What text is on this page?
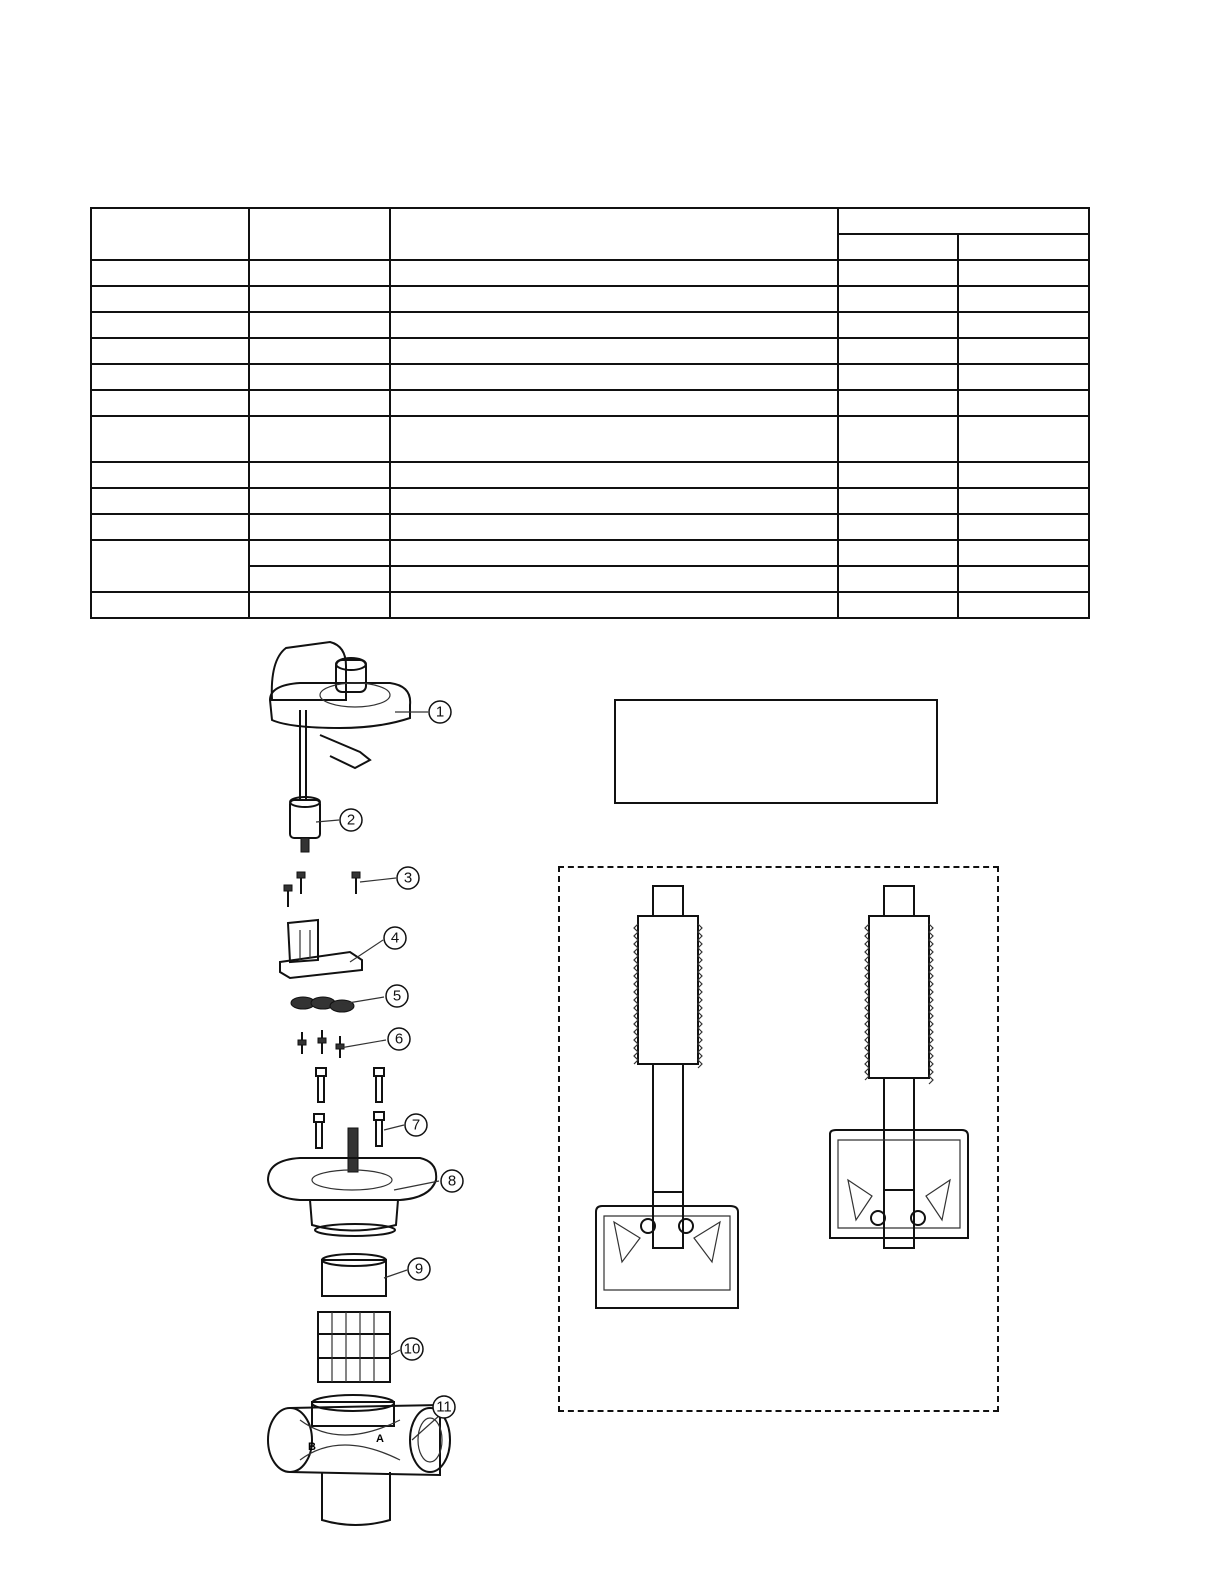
B
A
1
2
3
4
5
6
7
8
9
10
11
